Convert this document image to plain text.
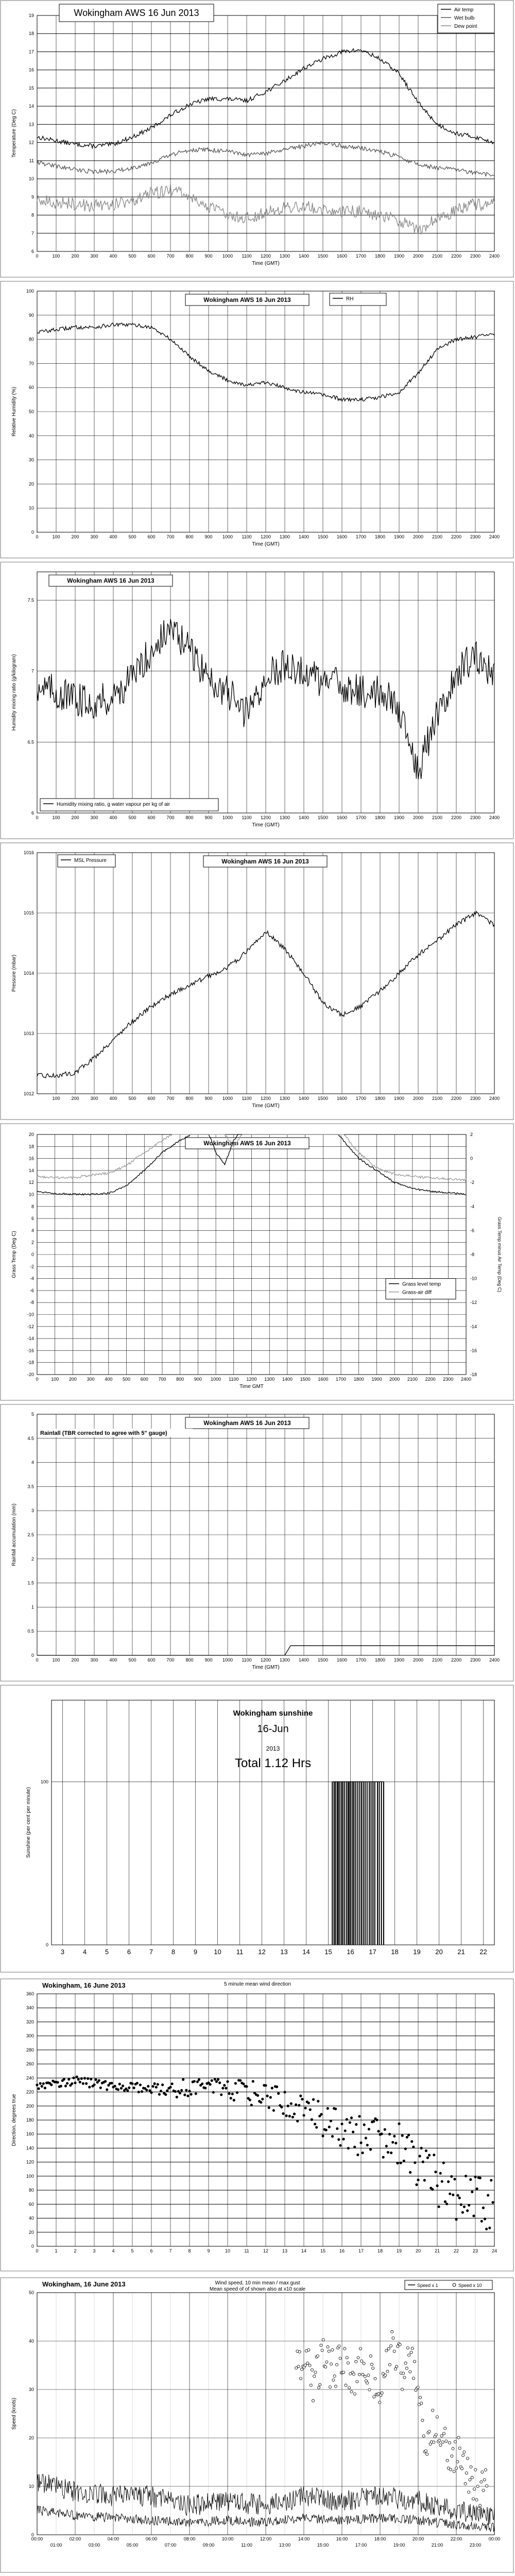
6
7
8
9
10
11
12
13
14
15
16
17
18
19
0	100 200 300 400 500 600 700 800 900 1000 1100 1200 1300 1400 1500 1600 1700 1800 1900 2000 2100 2200 2300 2400
Time (GMT)
Temperature (Deg C)
Wokingham AWS 16 Jun 2013	Air temp
Wet bulb
Dew point
0
10
20
30
40
50
60
70
80
90
100
0	100 200 300 400 500 600 700 800 900 1000 1100 1200 1300 1400 1500 1600 1700 1800 1900 2000 2100 2200 2300 2400
Time (GMT)
Relative Humidity (%)
Wokingham AWS 16 Jun 2013	RH
6
6.5
7
7.5
0	100 200 300 400 500 600 700 800 900 1000 1100 1200 1300 1400 1500 1600 1700 1800 1900 2000 2100 2200 2300 2400
Time (GMT)
Humidity mixing ratio (g/kilogram)
Wokingham AWS 16 Jun 2013
Humidity mixing ratio, g water vapour per kg of air
1012
1013
1014
1015
1016
100 200 300 400 500 600 700 800 900 1000 1100 1200 1300 1400 1500 1600 1700 1800 1900 2000 2100 2200 2300 2400
Time (GMT)
Pressure (mbar)
Wokingham AWS 16 Jun 2013
MSL Pressure
-20
-18
-16
-14
-12
-10
-8
-6
-4
-2
0
2
4
6
8
10
12
14
16
18
20
-18
-16
-14
-12
-10
-8
-6
-4
-2
0
2
Grass Temp minus Air Temp (Deg C)
0	100 200 300 400 500 600 700 800 900 1000 1100 1200 1300 1400 1500 1600 1700 1800 1900 2000 2100 2200 2300 2400
Time GMT
Grass Temp (Deg C)
Wokingham AWS 16 Jun 2013
Grass level temp
Grass-air diff
0
0.5
1
1.5
2
2.5
3
3.5
4
4.5
5
0	100 200 300 400 500 600 700 800 900 1000 1100 1200 1300 1400 1500 1600 1700 1800 1900 2000 2100 2200 2300 2400
Time (GMT)
Rainfall accumulation (mm)
Wokingham AWS 16 Jun 2013
Raintall (TBR corrected to agree with 5" gauge)
0
100
3	4	5	6	7	8	9 10 11 12 13 14 15 16 17 18 19 20 21 22
Sunshine (per cent per minute)
Wokingham sunshine
16-Jun
2013
Total 1.12 Hrs
0
20
40
60
80
100
120
140
160
180
200
220
240
260
280
300
320
340
360
0	1	2	3	4	5	6	7	8	9	10	11	12	13	14	15	16	17	18	19	20	21	22	23	24
Direction, degrees true
Wokingham, 16 June 2013	5 minute mean wind direction
0
10
20
30
40
50
00:00	02:00	04:00	06:00	08:00	10:00	12:00	14:00	16:00	18:00	20:00	22:00	00:00
01:00	03:00	05:00	07:00	09:00	11:00	13:00	15:00	17:00	19:00	21:00	23:00
Speed (knots)
Wokingham, 16 June 2013	Wind speed, 10 min mean / max gust
Mean speed of of shown also at x10 scale
Speed x 1	Speed x 10
